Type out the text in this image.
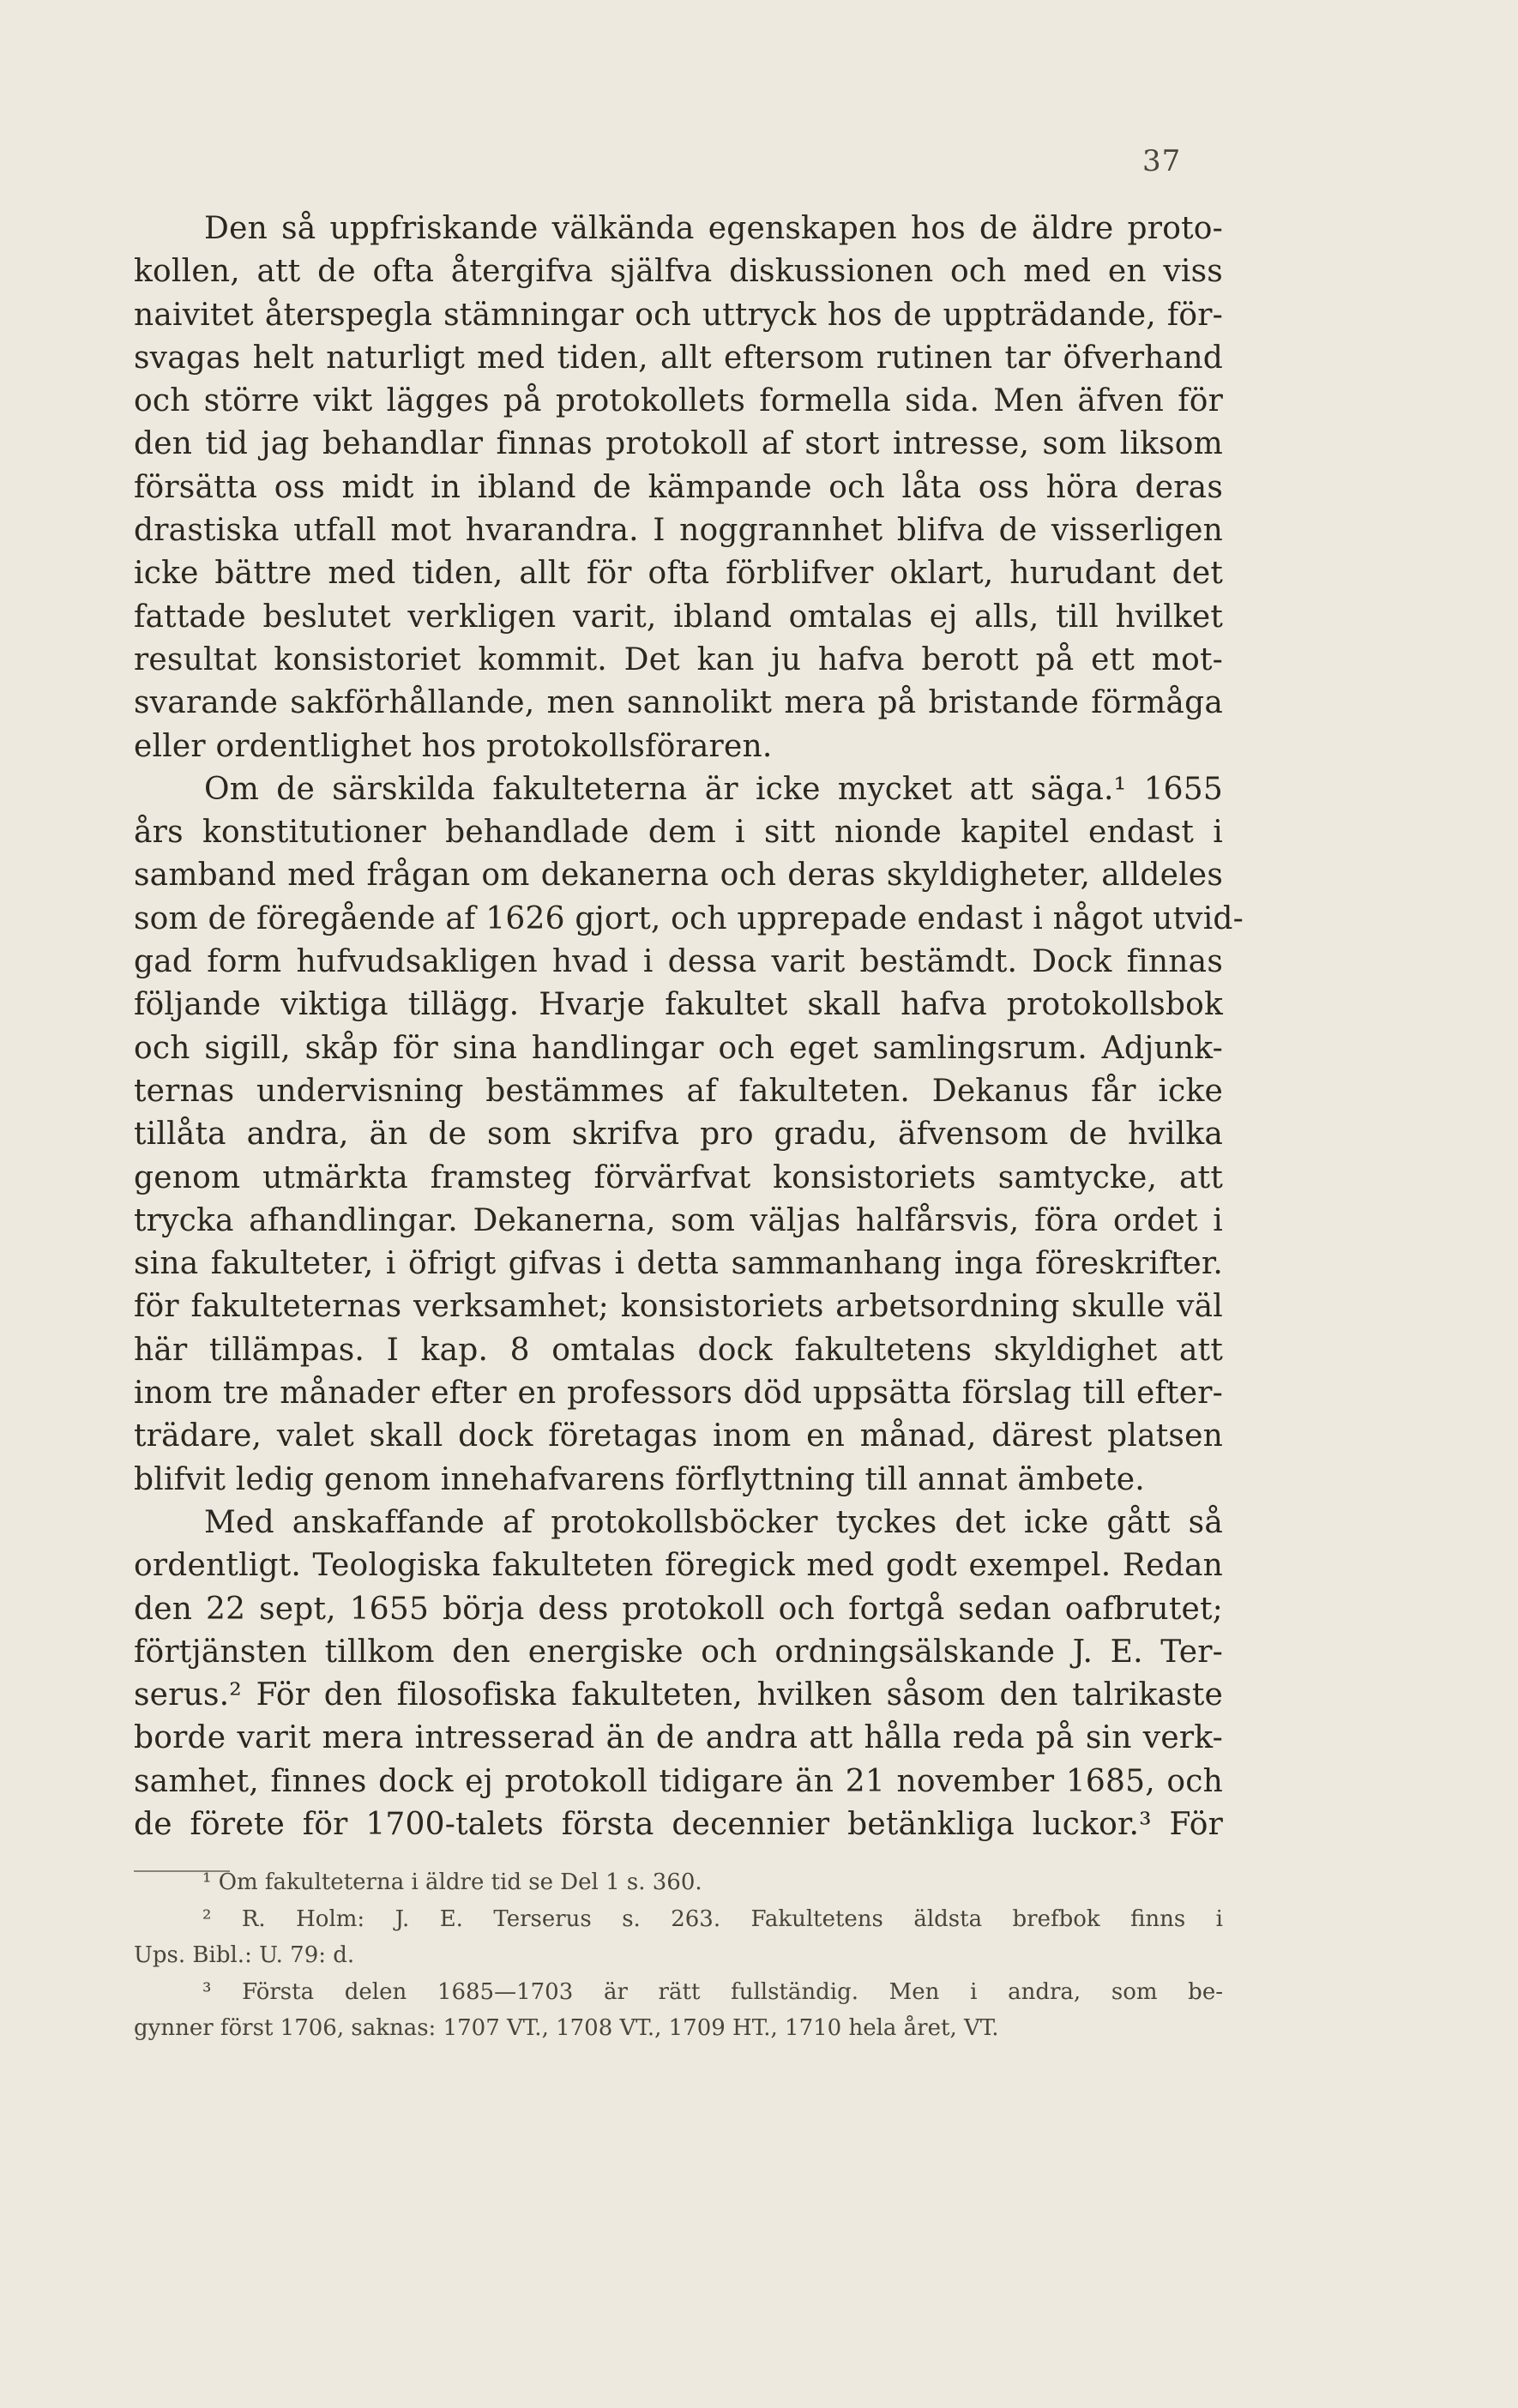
37
Den så uppfriskande välkända egenskapen hos de äldre proto-
kollen, att de ofta återgifva själfva diskussionen och med en viss
naivitet återspegla stämningar och uttryck hos de uppträdande, för-
svagas helt naturligt med tiden, allt eftersom rutinen tar öfverhand
och större vikt lägges på protokollets formella sida. Men äfven för
den tid jag behandlar finnas protokoll af stort intresse, som liksom
försätta oss midt in ibland de kämpande och låta oss höra deras
drastiska utfall mot hvarandra. I noggrannhet blifva de visserligen
icke bättre med tiden, allt för ofta förblifver oklart, hurudant det
fattade beslutet verkligen varit, ibland omtalas ej alls, till hvilket
resultat konsistoriet kommit. Det kan ju hafva berott på ett mot-
svarande sakförhållande, men sannolikt mera på bristande förmåga
eller ordentlighet hos protokollsföraren.
Om de särskilda fakulteterna är icke mycket att säga.¹ 1655
års konstitutioner behandlade dem i sitt nionde kapitel endast i
samband med frågan om dekanerna och deras skyldigheter, alldeles
som de föregående af 1626 gjort, och upprepade endast i något utvid-
gad form hufvudsakligen hvad i dessa varit bestämdt. Dock finnas
följande viktiga tillägg. Hvarje fakultet skall hafva protokollsbok
och sigill, skåp för sina handlingar och eget samlingsrum. Adjunk-
ternas undervisning bestämmes af fakulteten. Dekanus får icke
tillåta andra, än de som skrifva pro gradu, äfvensom de hvilka
genom utmärkta framsteg förvärfvat konsistoriets samtycke, att
trycka afhandlingar. Dekanerna, som väljas halfårsvis, föra ordet i
sina fakulteter, i öfrigt gifvas i detta sammanhang inga föreskrifter.
för fakulteternas verksamhet; konsistoriets arbetsordning skulle väl
här tillämpas. I kap. 8 omtalas dock fakultetens skyldighet att
inom tre månader efter en professors död uppsätta förslag till efter-
trädare, valet skall dock företagas inom en månad, därest platsen
blifvit ledig genom innehafvarens förflyttning till annat ämbete.
Med anskaffande af protokollsböcker tyckes det icke gått så
ordentligt. Teologiska fakulteten föregick med godt exempel. Redan
den 22 sept, 1655 börja dess protokoll och fortgå sedan oafbrutet;
förtjänsten tillkom den energiske och ordningsälskande J. E. Ter-
serus.² För den filosofiska fakulteten, hvilken såsom den talrikaste
borde varit mera intresserad än de andra att hålla reda på sin verk-
samhet, finnes dock ej protokoll tidigare än 21 november 1685, och
de förete för 1700-talets första decennier betänkliga luckor.³ För
¹ Om fakulteterna i äldre tid se Del 1 s. 360.
² R. Holm: J. E. Terserus s. 263. Fakultetens äldsta brefbok finns i
Ups. Bibl.: U. 79: d.
³ Första delen 1685—1703 är rätt fullständig. Men i andra, som be-
gynner först 1706, saknas: 1707 VT., 1708 VT., 1709 HT., 1710 hela året, VT.
